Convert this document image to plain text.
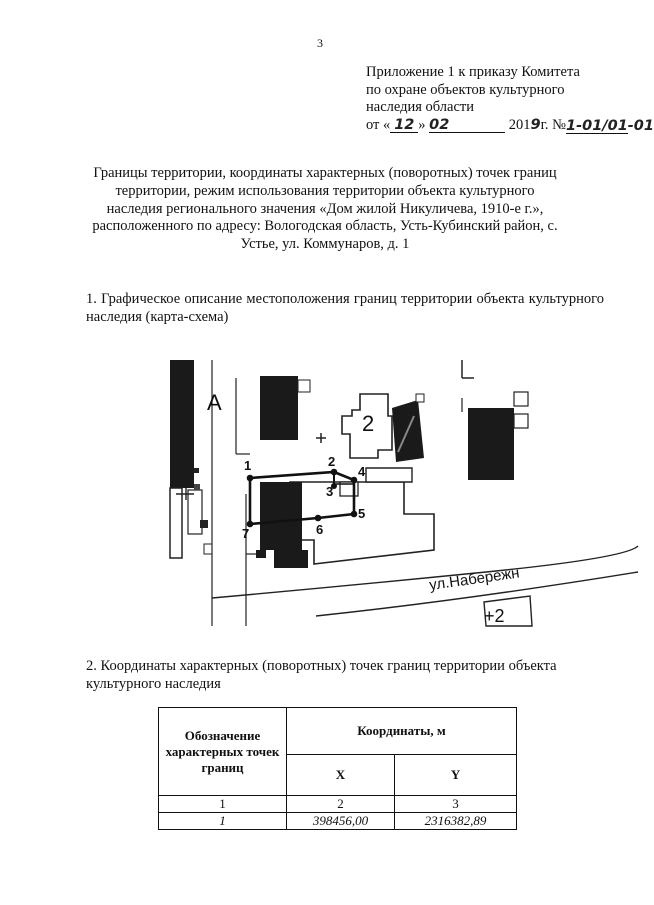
3
Приложение 1 к приказу Комитета
по охране объектов культурного
наследия области
от « 12 » 02	2019г. №1-01/01-01
Границы территории, координаты характерных (поворотных) точек границ территории, режим использования территории объекта культурного наследия регионального значения «Дом жилой Никуличева, 1910-е г.», расположенного по адресу: Вологодская область, Усть-Кубинский район, с. Устье, ул. Коммунаров, д. 1
1. Графическое описание местоположения границ территории объекта культурного наследия (карта-схема)
А
2
1	2
3
4
5
6
7
ул.Набережн
+2
2. Координаты характерных (поворотных) точек границ территории объекта культурного наследия
Обозначение характерных точек границ	Координаты, м	
	X	Y
1	2	3
1	398456,00	2316382,89
